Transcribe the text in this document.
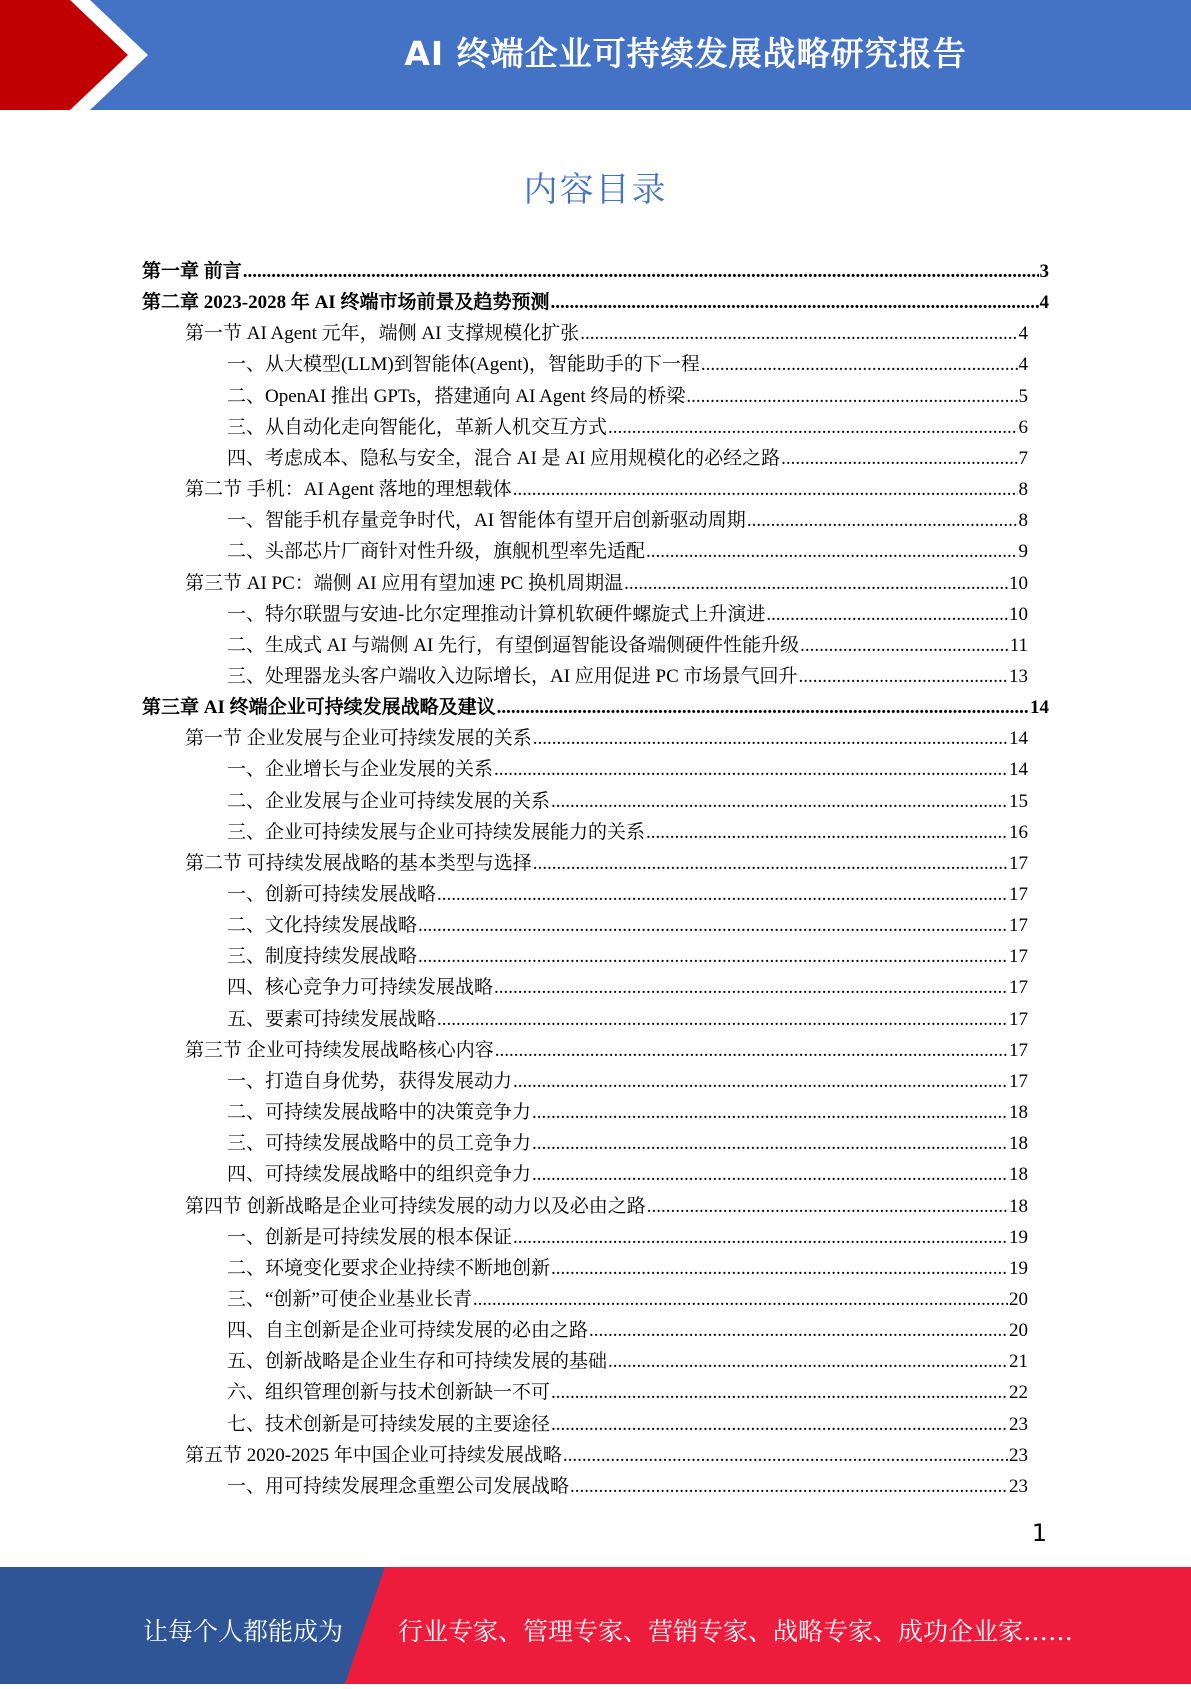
AI 终端企业可持续发展战略研究报告
内容目录
第一章 前言 .....	3
第二章 2023-2028 年 AI 终端市场前景及趋势预测 .....	4
第一节 AI Agent 元年，端侧 AI 支撑规模化扩张 .....	4
一、从大模型(LLM)到智能体(Agent)，智能助手的下一程 .....	4
二、OpenAI 推出 GPTs，搭建通向 AI Agent 终局的桥梁 .....	5
三、从自动化走向智能化，革新人机交互方式 .....	6
四、考虑成本、隐私与安全，混合 AI 是 AI 应用规模化的必经之路 .....	7
第二节 手机：AI Agent 落地的理想载体 .....	8
一、智能手机存量竞争时代，AI 智能体有望开启创新驱动周期 .....	8
二、头部芯片厂商针对性升级，旗舰机型率先适配 .....	9
第三节 AI PC：端侧 AI 应用有望加速 PC 换机周期温 .....	10
一、特尔联盟与安迪-比尔定理推动计算机软硬件螺旋式上升演进 .....	10
二、生成式 AI 与端侧 AI 先行，有望倒逼智能设备端侧硬件性能升级 .....	11
三、处理器龙头客户端收入边际增长，AI 应用促进 PC 市场景气回升 .....	13
第三章 AI 终端企业可持续发展战略及建议 .....	14
第一节 企业发展与企业可持续发展的关系 .....	14
一、企业增长与企业发展的关系 .....	14
二、企业发展与企业可持续发展的关系 .....	15
三、企业可持续发展与企业可持续发展能力的关系 .....	16
第二节 可持续发展战略的基本类型与选择 .....	17
一、创新可持续发展战略 .....	17
二、文化持续发展战略 .....	17
三、制度持续发展战略 .....	17
四、核心竞争力可持续发展战略 .....	17
五、要素可持续发展战略 .....	17
第三节 企业可持续发展战略核心内容 .....	17
一、打造自身优势，获得发展动力 .....	17
二、可持续发展战略中的决策竞争力 .....	18
三、可持续发展战略中的员工竞争力 .....	18
四、可持续发展战略中的组织竞争力 .....	18
第四节 创新战略是企业可持续发展的动力以及必由之路 .....	18
一、创新是可持续发展的根本保证 .....	19
二、环境变化要求企业持续不断地创新 .....	19
三、“创新”可使企业基业长青 .....	20
四、自主创新是企业可持续发展的必由之路 .....	20
五、创新战略是企业生存和可持续发展的基础 .....	21
六、组织管理创新与技术创新缺一不可 .....	22
七、技术创新是可持续发展的主要途径 .....	23
第五节 2020-2025 年中国企业可持续发展战略 .....	23
一、用可持续发展理念重塑公司发展战略 .....	23
1
让每个人都能成为 行业专家、管理专家、营销专家、战略专家、成功企业家……
